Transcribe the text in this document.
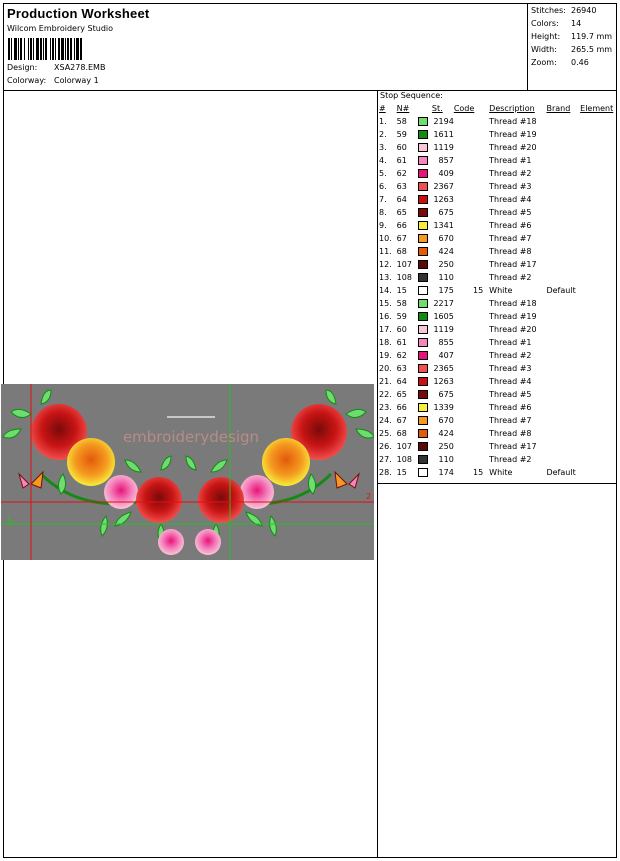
Production Worksheet
Wilcom Embroidery Studio
Design: XSA278.EMB
Colorway: Colorway 1
Stitches: 26940
Colors: 14
Height: 119.7 mm
Width: 265.5 mm
Zoom: 0.46
embroiderydesign
2
Stop Sequence:
#	N#		St.	Code	Description	Brand	Element
1.	58		2194		Thread #18		
2.	59		1611		Thread #19		
3.	60		1119		Thread #20		
4.	61		857		Thread #1		
5.	62		409		Thread #2		
6.	63		2367		Thread #3		
7.	64		1263		Thread #4		
8.	65		675		Thread #5		
9.	66		1341		Thread #6		
10.	67		670		Thread #7		
11.	68		424		Thread #8		
12.	107		250		Thread #17		
13.	108		110		Thread #2		
14.	15		175	15	White	Default	
15.	58		2217		Thread #18		
16.	59		1605		Thread #19		
17.	60		1119		Thread #20		
18.	61		855		Thread #1		
19.	62		407		Thread #2		
20.	63		2365		Thread #3		
21.	64		1263		Thread #4		
22.	65		675		Thread #5		
23.	66		1339		Thread #6		
24.	67		670		Thread #7		
25.	68		424		Thread #8		
26.	107		250		Thread #17		
27.	108		110		Thread #2		
28.	15		174	15	White	Default	
